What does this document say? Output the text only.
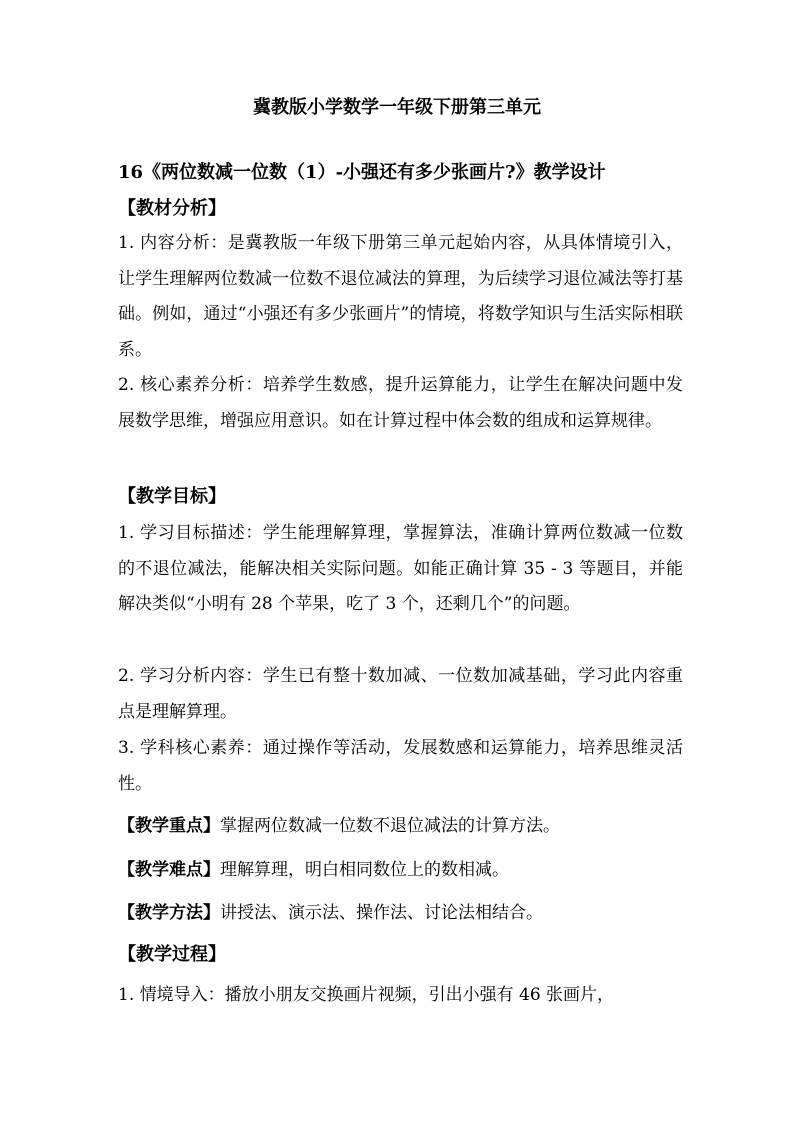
冀教版小学数学一年级下册第三单元
16《两位数减一位数（1）-小强还有多少张画片?》教学设计
【教材分析】
1. 内容分析：是冀教版一年级下册第三单元起始内容，从具体情境引入，让学生理解两位数减一位数不退位减法的算理，为后续学习退位减法等打基础。例如，通过“小强还有多少张画片”的情境，将数学知识与生活实际相联系。
2. 核心素养分析：培养学生数感，提升运算能力，让学生在解决问题中发展数学思维，增强应用意识。如在计算过程中体会数的组成和运算规律。
【教学目标】
1. 学习目标描述：学生能理解算理，掌握算法，准确计算两位数减一位数的不退位减法，能解决相关实际问题。如能正确计算 35 - 3 等题目，并能解决类似“小明有 28 个苹果，吃了 3 个，还剩几个”的问题。
2. 学习分析内容：学生已有整十数加减、一位数加减基础，学习此内容重点是理解算理。
3. 学科核心素养：通过操作等活动，发展数感和运算能力，培养思维灵活性。
【教学重点】掌握两位数减一位数不退位减法的计算方法。
【教学难点】理解算理，明白相同数位上的数相减。
【教学方法】讲授法、演示法、操作法、讨论法相结合。
【教学过程】
1. 情境导入：播放小朋友交换画片视频，引出小强有 46 张画片，
